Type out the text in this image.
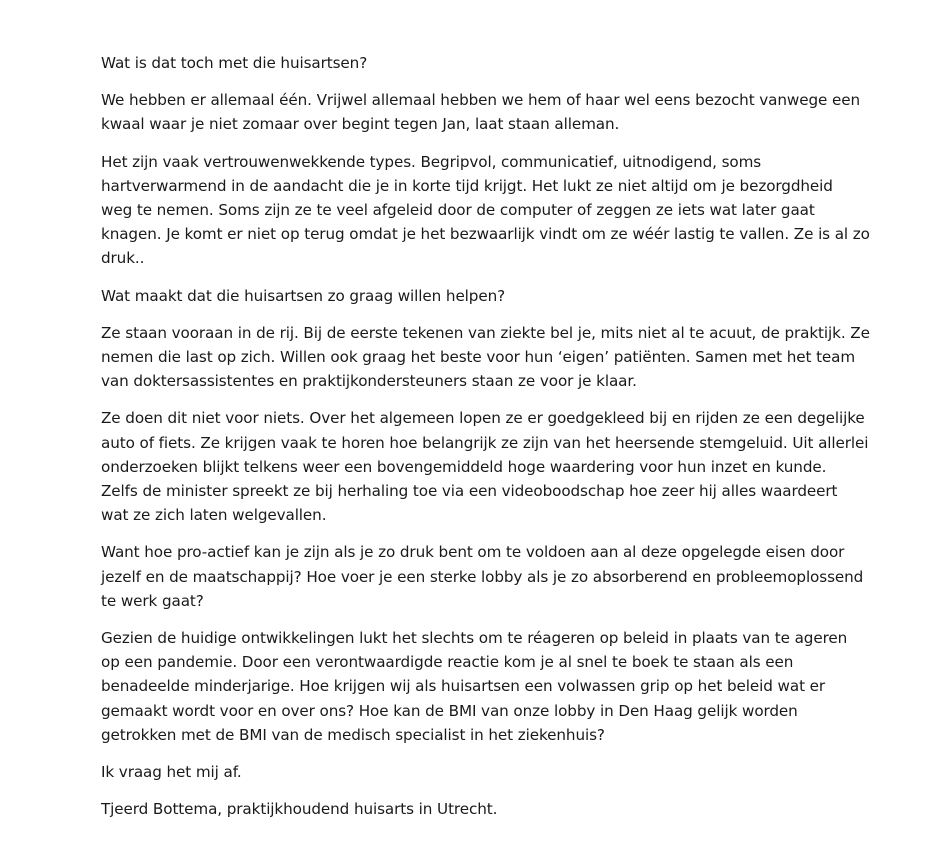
Wat is dat toch met die huisartsen?

We hebben er allemaal één. Vrijwel allemaal hebben we hem of haar wel eens bezocht vanwege een
kwaal waar je niet zomaar over begint tegen Jan, laat staan alleman.

Het zijn vaak vertrouwenwekkende types. Begripvol, communicatief, uitnodigend, soms
hartverwarmend in de aandacht die je in korte tijd krijgt. Het lukt ze niet altijd om je bezorgdheid
weg te nemen. Soms zijn ze te veel afgeleid door de computer of zeggen ze iets wat later gaat
knagen. Je komt er niet op terug omdat je het bezwaarlijk vindt om ze wéér lastig te vallen. Ze is al zo
druk..

Wat maakt dat die huisartsen zo graag willen helpen?

Ze staan vooraan in de rij. Bij de eerste tekenen van ziekte bel je, mits niet al te acuut, de praktijk. Ze
nemen die last op zich. Willen ook graag het beste voor hun ‘eigen’ patiënten. Samen met het team
van doktersassistentes en praktijkondersteuners staan ze voor je klaar.

Ze doen dit niet voor niets. Over het algemeen lopen ze er goedgekleed bij en rijden ze een degelijke
auto of fiets. Ze krijgen vaak te horen hoe belangrijk ze zijn van het heersende stemgeluid. Uit allerlei
onderzoeken blijkt telkens weer een bovengemiddeld hoge waardering voor hun inzet en kunde.
Zelfs de minister spreekt ze bij herhaling toe via een videoboodschap hoe zeer hij alles waardeert
wat ze zich laten welgevallen.

Want hoe pro-actief kan je zijn als je zo druk bent om te voldoen aan al deze opgelegde eisen door
jezelf en de maatschappij? Hoe voer je een sterke lobby als je zo absorberend en probleemoplossend
te werk gaat?

Gezien de huidige ontwikkelingen lukt het slechts om te réageren op beleid in plaats van te ageren
op een pandemie. Door een verontwaardigde reactie kom je al snel te boek te staan als een
benadeelde minderjarige. Hoe krijgen wij als huisartsen een volwassen grip op het beleid wat er
gemaakt wordt voor en over ons? Hoe kan de BMI van onze lobby in Den Haag gelijk worden
getrokken met de BMI van de medisch specialist in het ziekenhuis?

Ik vraag het mij af.

Tjeerd Bottema, praktijkhoudend huisarts in Utrecht.
